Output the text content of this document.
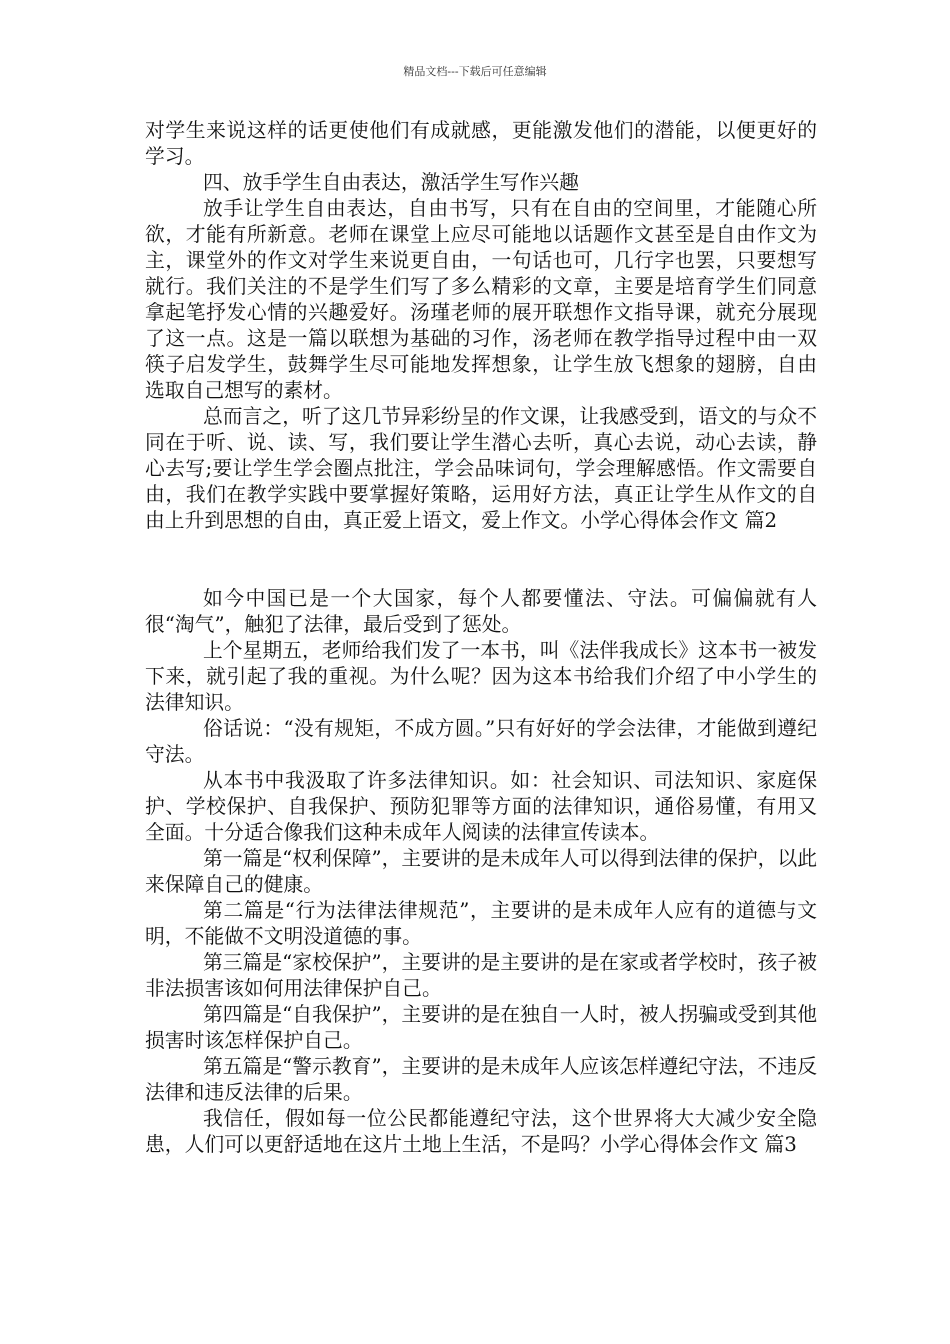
精品文档---下载后可任意编辑

对学生来说这样的话更使他们有成就感，更能激发他们的潜能，以便更好的学习。

四、放手学生自由表达，激活学生写作兴趣

放手让学生自由表达，自由书写，只有在自由的空间里，才能随心所欲，才能有所新意。老师在课堂上应尽可能地以话题作文甚至是自由作文为主，课堂外的作文对学生来说更自由，一句话也可，几行字也罢，只要想写就行。我们关注的不是学生们写了多么精彩的文章，主要是培育学生们同意拿起笔抒发心情的兴趣爱好。汤瑾老师的展开联想作文指导课，就充分展现了这一点。这是一篇以联想为基础的习作，汤老师在教学指导过程中由一双筷子启发学生，鼓舞学生尽可能地发挥想象，让学生放飞想象的翅膀，自由选取自己想写的素材。

总而言之，听了这几节异彩纷呈的作文课，让我感受到，语文的与众不同在于听、说、读、写，我们要让学生潜心去听，真心去说，动心去读，静心去写;要让学生学会圈点批注，学会品味词句，学会理解感悟。作文需要自由，我们在教学实践中要掌握好策略，运用好方法，真正让学生从作文的自由上升到思想的自由，真正爱上语文，爱上作文。小学心得体会作文 篇2

如今中国已是一个大国家，每个人都要懂法、守法。可偏偏就有人很“淘气”，触犯了法律，最后受到了惩处。

上个星期五，老师给我们发了一本书，叫《法伴我成长》这本书一被发下来，就引起了我的重视。为什么呢？因为这本书给我们介绍了中小学生的法律知识。

俗话说：“没有规矩，不成方圆。”只有好好的学会法律，才能做到遵纪守法。

从本书中我汲取了许多法律知识。如：社会知识、司法知识、家庭保护、学校保护、自我保护、预防犯罪等方面的法律知识，通俗易懂，有用又全面。十分适合像我们这种未成年人阅读的法律宣传读本。

第一篇是“权利保障”，主要讲的是未成年人可以得到法律的保护，以此来保障自己的健康。

第二篇是“行为法律法律规范”，主要讲的是未成年人应有的道德与文明，不能做不文明没道德的事。

第三篇是“家校保护”，主要讲的是主要讲的是在家或者学校时，孩子被非法损害该如何用法律保护自己。

第四篇是“自我保护”，主要讲的是在独自一人时，被人拐骗或受到其他损害时该怎样保护自己。

第五篇是“警示教育”，主要讲的是未成年人应该怎样遵纪守法，不违反法律和违反法律的后果。

我信任，假如每一位公民都能遵纪守法，这个世界将大大减少安全隐患，人们可以更舒适地在这片土地上生活，不是吗？小学心得体会作文 篇3
